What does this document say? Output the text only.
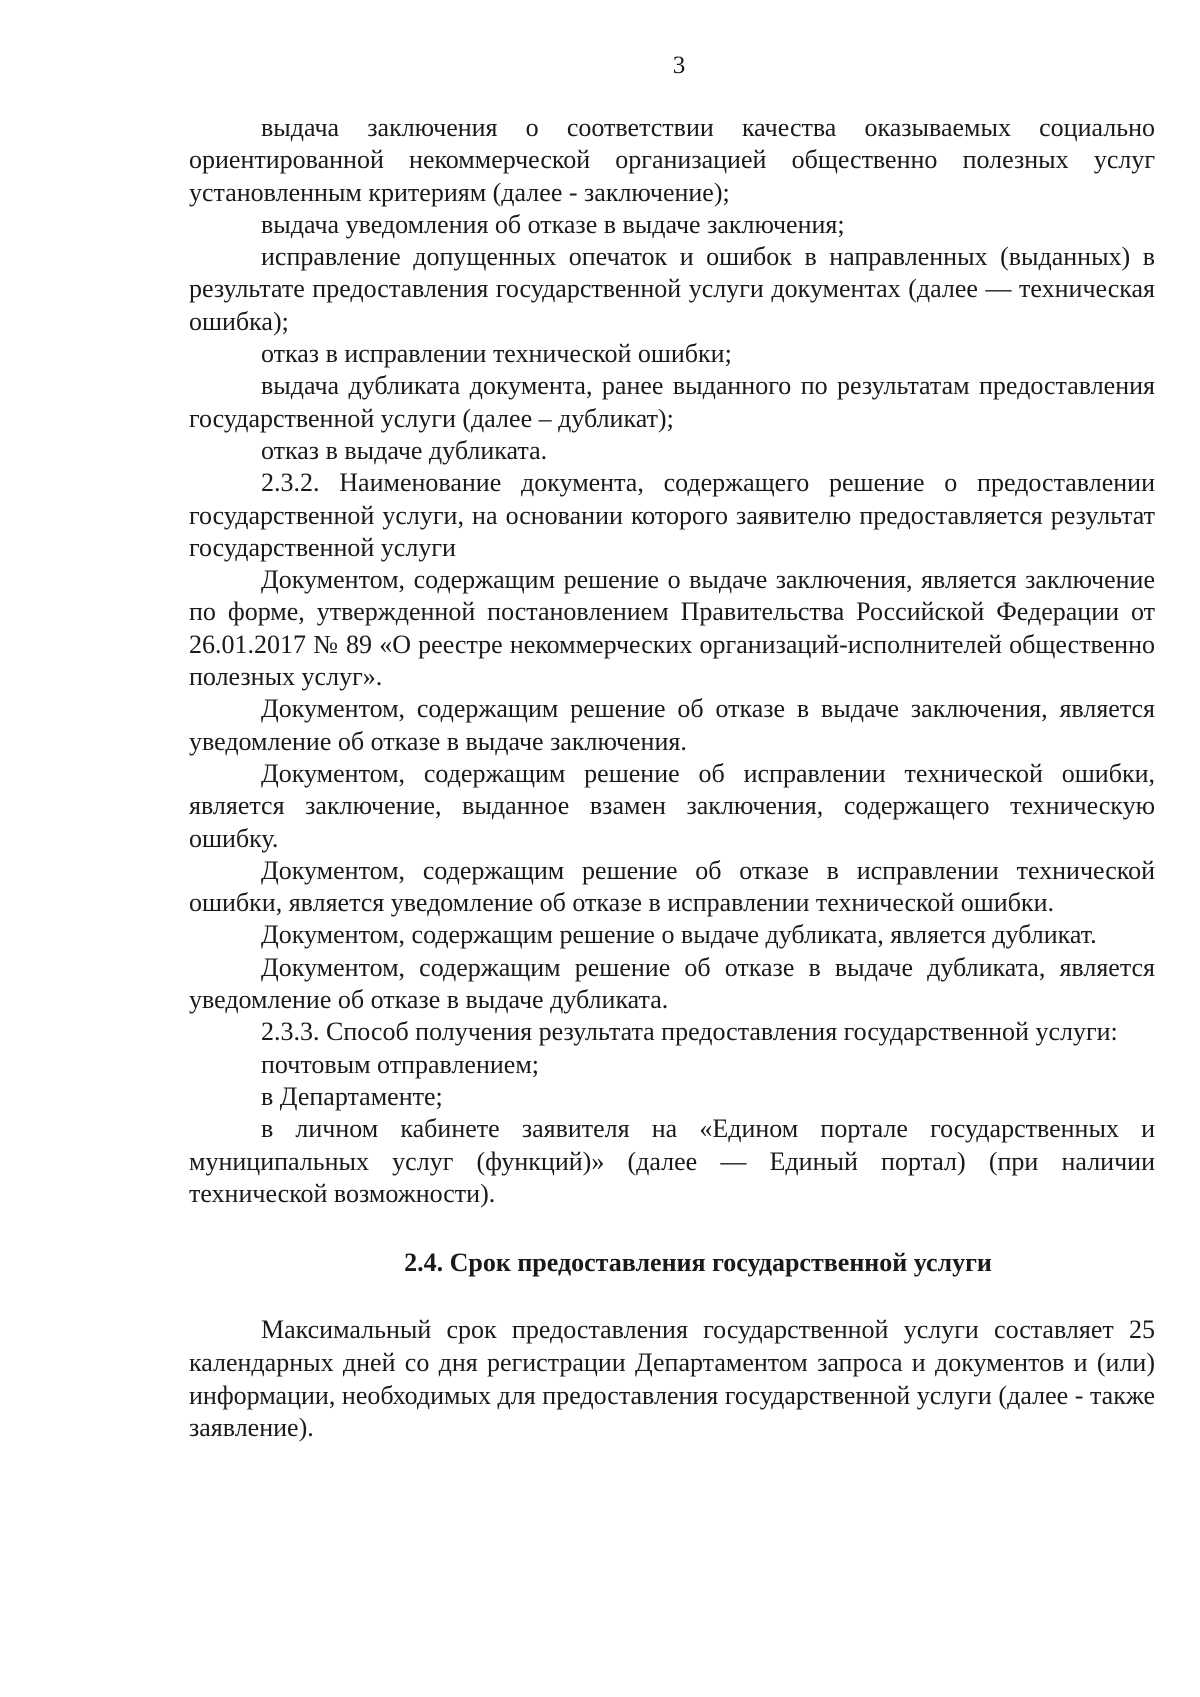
3

выдача заключения о соответствии качества оказываемых социально ориентированной некоммерческой организацией общественно полезных услуг установленным критериям (далее - заключение);

выдача уведомления об отказе в выдаче заключения;

исправление допущенных опечаток и ошибок в направленных (выданных) в результате предоставления государственной услуги документах (далее — техническая ошибка);

отказ в исправлении технической ошибки;

выдача дубликата документа, ранее выданного по результатам предоставления государственной услуги (далее – дубликат);

отказ в выдаче дубликата.

2.3.2. Наименование документа, содержащего решение о предоставлении государственной услуги, на основании которого заявителю предоставляется результат государственной услуги

Документом, содержащим решение о выдаче заключения, является заключение по форме, утвержденной постановлением Правительства Российской Федерации от 26.01.2017 № 89 «О реестре некоммерческих организаций-исполнителей общественно полезных услуг».

Документом, содержащим решение об отказе в выдаче заключения, является уведомление об отказе в выдаче заключения.

Документом, содержащим решение об исправлении технической ошибки, является заключение, выданное взамен заключения, содержащего техническую ошибку.

Документом, содержащим решение об отказе в исправлении технической ошибки, является уведомление об отказе в исправлении технической ошибки.

Документом, содержащим решение о выдаче дубликата, является дубликат.

Документом, содержащим решение об отказе в выдаче дубликата, является уведомление об отказе в выдаче дубликата.

2.3.3. Способ получения результата предоставления государственной услуги:

почтовым отправлением;

в Департаменте;

в личном кабинете заявителя на «Едином портале государственных и муниципальных услуг (функций)» (далее — Единый портал) (при наличии технической возможности).

2.4. Срок предоставления государственной услуги

Максимальный срок предоставления государственной услуги составляет 25 календарных дней со дня регистрации Департаментом запроса и документов и (или) информации, необходимых для предоставления государственной услуги (далее - также заявление).
